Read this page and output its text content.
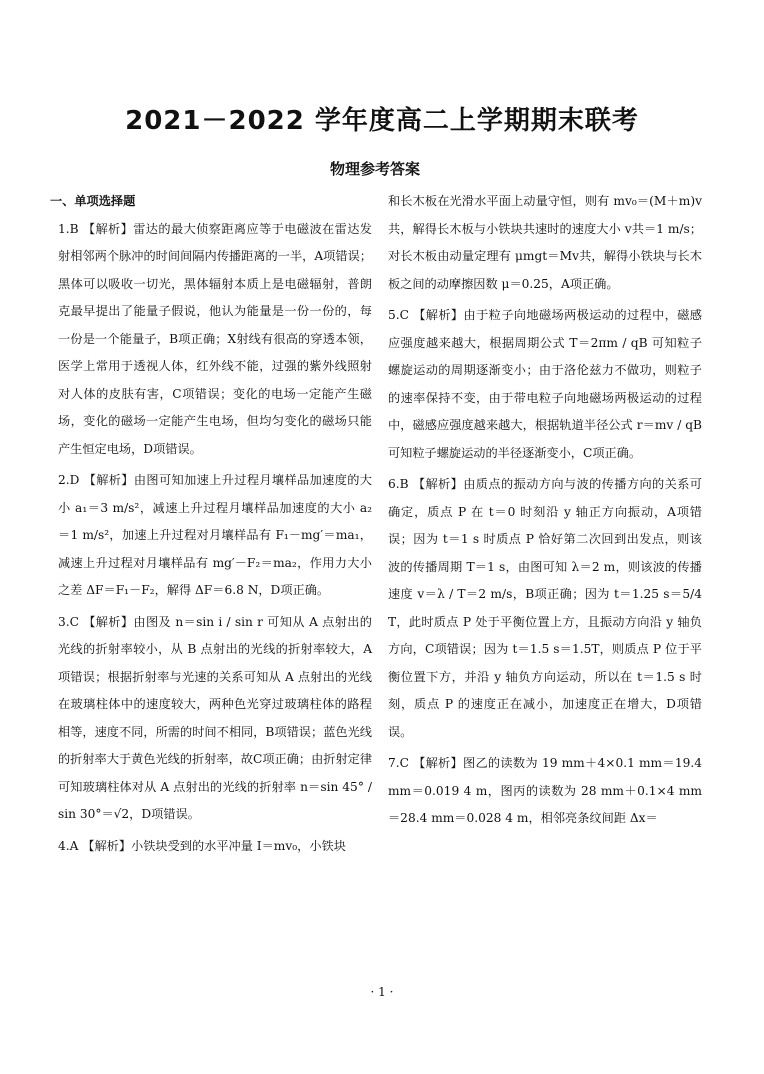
2021－2022 学年度高二上学期期末联考
物理参考答案
一、单项选择题
1.B 【解析】雷达的最大侦察距离应等于电磁波在雷达发射相邻两个脉冲的时间间隔内传播距离的一半，A项错误；黑体可以吸收一切光，黑体辐射本质上是电磁辐射，普朗克最早提出了能量子假说，他认为能量是一份一份的，每一份是一个能量子，B项正确；X射线有很高的穿透本领，医学上常用于透视人体，红外线不能，过强的紫外线照射对人体的皮肤有害，C项错误；变化的电场一定能产生磁场，变化的磁场一定能产生电场，但均匀变化的磁场只能产生恒定电场，D项错误。
2.D 【解析】由图可知加速上升过程月壤样品加速度的大小 a₁＝3 m/s²，减速上升过程月壤样品加速度的大小 a₂＝1 m/s²，加速上升过程对月壤样品有 F₁－mg′＝ma₁，减速上升过程对月壤样品有 mg′－F₂＝ma₂，作用力大小之差 ΔF＝F₁－F₂，解得 ΔF＝6.8 N，D项正确。
3.C 【解析】由图及 n＝sin i / sin r 可知从 A 点射出的光线的折射率较小，从 B 点射出的光线的折射率较大，A项错误；根据折射率与光速的关系可知从 A 点射出的光线在玻璃柱体中的速度较大，两种色光穿过玻璃柱体的路程相等，速度不同，所需的时间不相同，B项错误；蓝色光线的折射率大于黄色光线的折射率，故C项正确；由折射定律可知玻璃柱体对从 A 点射出的光线的折射率 n＝sin 45° / sin 30°＝√2，D项错误。
4.A 【解析】小铁块受到的水平冲量 I＝mv₀，小铁块
和长木板在光滑水平面上动量守恒，则有 mv₀＝(M＋m)v共，解得长木板与小铁块共速时的速度大小 v共＝1 m/s；对长木板由动量定理有 μmgt＝Mv共，解得小铁块与长木板之间的动摩擦因数 μ＝0.25，A项正确。
5.C 【解析】由于粒子向地磁场两极运动的过程中，磁感应强度越来越大，根据周期公式 T＝2πm / qB 可知粒子螺旋运动的周期逐渐变小；由于洛伦兹力不做功，则粒子的速率保持不变，由于带电粒子向地磁场两极运动的过程中，磁感应强度越来越大，根据轨道半径公式 r＝mv / qB 可知粒子螺旋运动的半径逐渐变小，C项正确。
6.B 【解析】由质点的振动方向与波的传播方向的关系可确定，质点 P 在 t＝0 时刻沿 y 轴正方向振动，A项错误；因为 t＝1 s 时质点 P 恰好第二次回到出发点，则该波的传播周期 T＝1 s，由图可知 λ＝2 m，则该波的传播速度 v＝λ / T＝2 m/s，B项正确；因为 t＝1.25 s＝5/4 T，此时质点 P 处于平衡位置上方，且振动方向沿 y 轴负方向，C项错误；因为 t＝1.5 s＝1.5T，则质点 P 位于平衡位置下方，并沿 y 轴负方向运动，所以在 t＝1.5 s 时刻，质点 P 的速度正在减小，加速度正在增大，D项错误。
7.C 【解析】图乙的读数为 19 mm＋4×0.1 mm＝19.4 mm＝0.019 4 m，图丙的读数为 28 mm＋0.1×4 mm＝28.4 mm＝0.028 4 m，相邻亮条纹间距 Δx＝
· 1 ·
